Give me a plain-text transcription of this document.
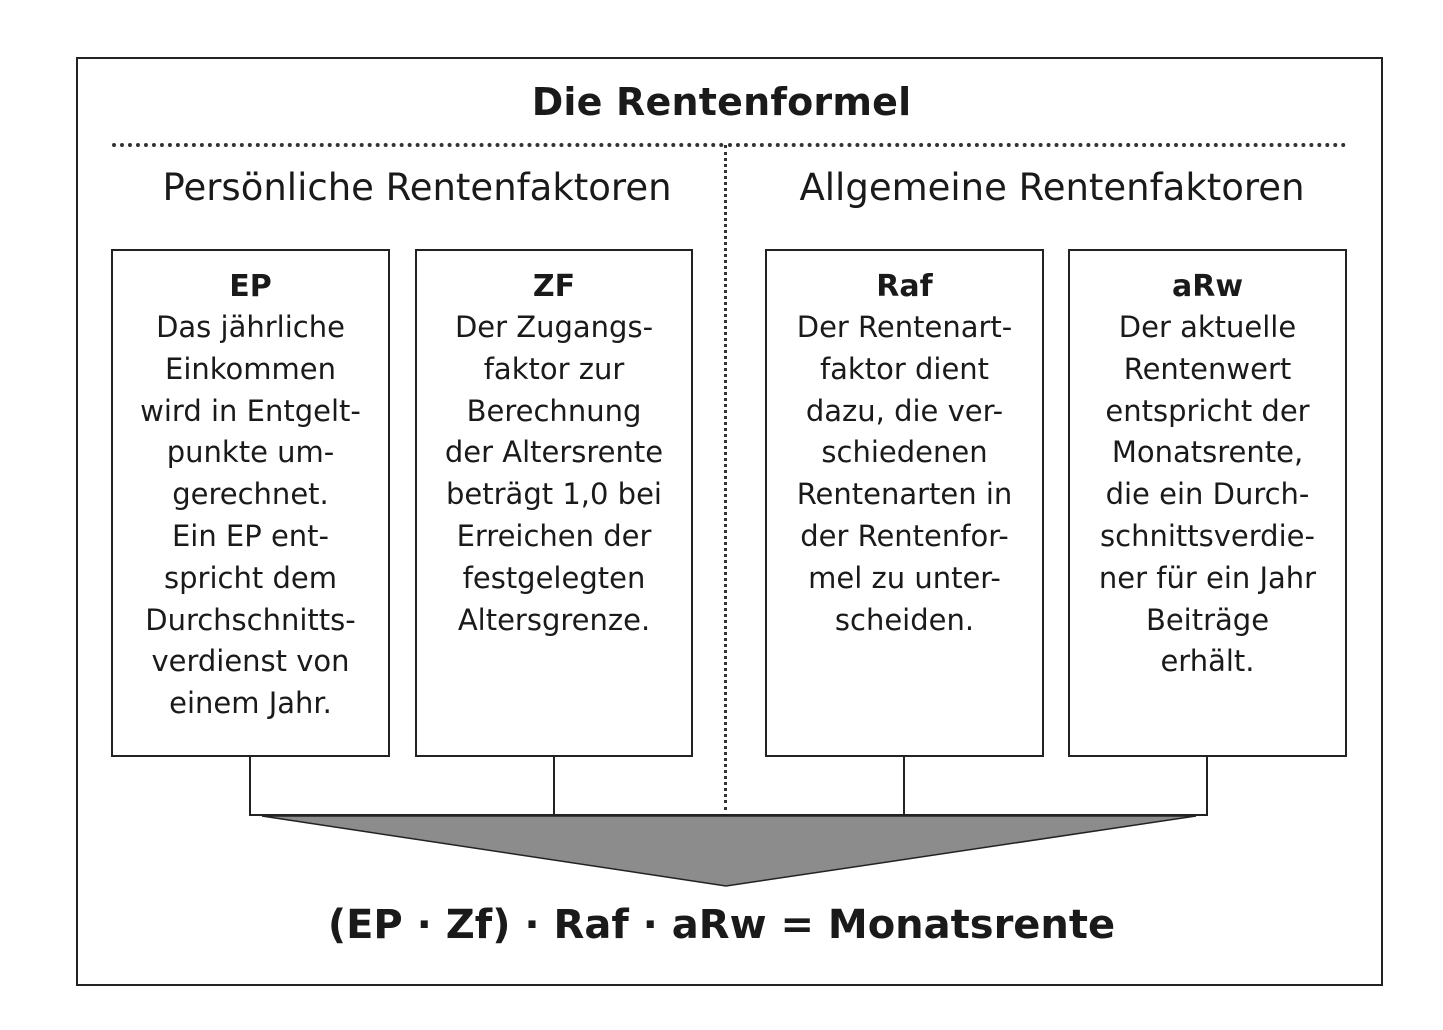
Die Rentenformel
Persönliche Rentenfaktoren	Allgemeine Rentenfaktoren
EP
Das jährliche
Einkommen
wird in Entgelt-
punkte um-
gerechnet.
Ein EP ent-
spricht dem
Durchschnitts-
verdienst von
einem Jahr.
ZF
Der Zugangs-
faktor zur
Berechnung
der Altersrente
beträgt 1,0 bei
Erreichen der
festgelegten
Altersgrenze.
Raf
Der Rentenart-
faktor dient
dazu, die ver-
schiedenen
Rentenarten in
der Rentenfor-
mel zu unter-
scheiden.
aRw
Der aktuelle
Rentenwert
entspricht der
Monatsrente,
die ein Durch-
schnittsverdie-
ner für ein Jahr
Beiträge
erhält.
(EP · Zf) · Raf · aRw = Monatsrente
